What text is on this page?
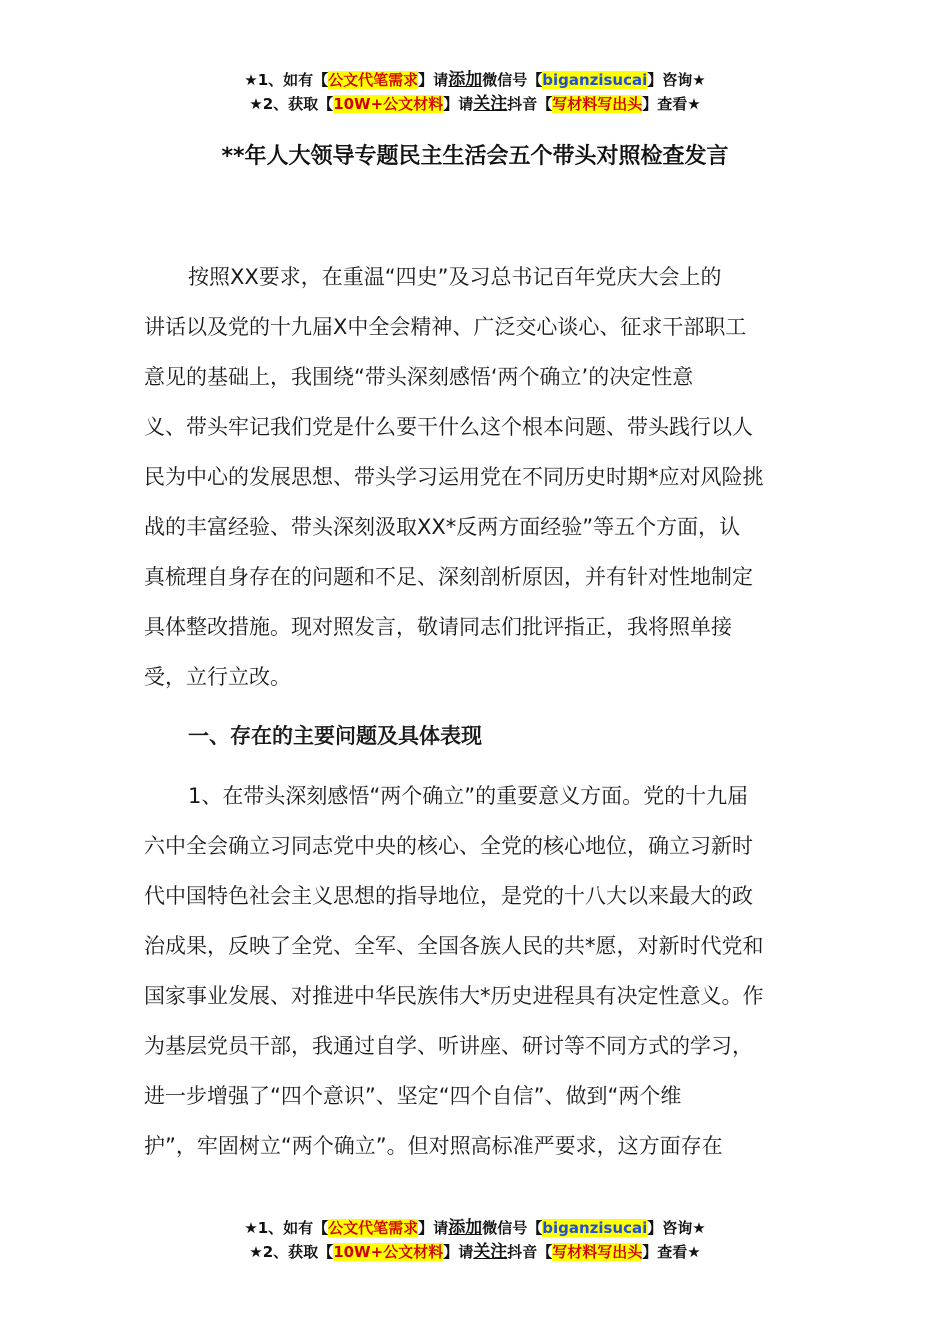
★1、如有【公文代笔需求】请添加微信号【biganzisucai】咨询★
★2、获取【10W+公文材料】请关注抖音【写材料写出头】查看★
**年人大领导专题民主生活会五个带头对照检查发言
按照XX要求，在重温“四史”及习总书记百年党庆大会上的
讲话以及党的十九届X中全会精神、广泛交心谈心、征求干部职工
意见的基础上，我围绕“带头深刻感悟‘两个确立’的决定性意
义、带头牢记我们党是什么要干什么这个根本问题、带头践行以人
民为中心的发展思想、带头学习运用党在不同历史时期*应对风险挑
战的丰富经验、带头深刻汲取XX*反两方面经验”等五个方面，认
真梳理自身存在的问题和不足、深刻剖析原因，并有针对性地制定
具体整改措施。现对照发言，敬请同志们批评指正，我将照单接
受，立行立改。
一、存在的主要问题及具体表现
1、在带头深刻感悟“两个确立”的重要意义方面。党的十九届
六中全会确立习同志党中央的核心、全党的核心地位，确立习新时
代中国特色社会主义思想的指导地位，是党的十八大以来最大的政
治成果，反映了全党、全军、全国各族人民的共*愿，对新时代党和
国家事业发展、对推进中华民族伟大*历史进程具有决定性意义。作
为基层党员干部，我通过自学、听讲座、研讨等不同方式的学习，
进一步增强了“四个意识”、坚定“四个自信”、做到“两个维
护”，牢固树立“两个确立”。但对照高标准严要求，这方面存在
★1、如有【公文代笔需求】请添加微信号【biganzisucai】咨询★
★2、获取【10W+公文材料】请关注抖音【写材料写出头】查看★
